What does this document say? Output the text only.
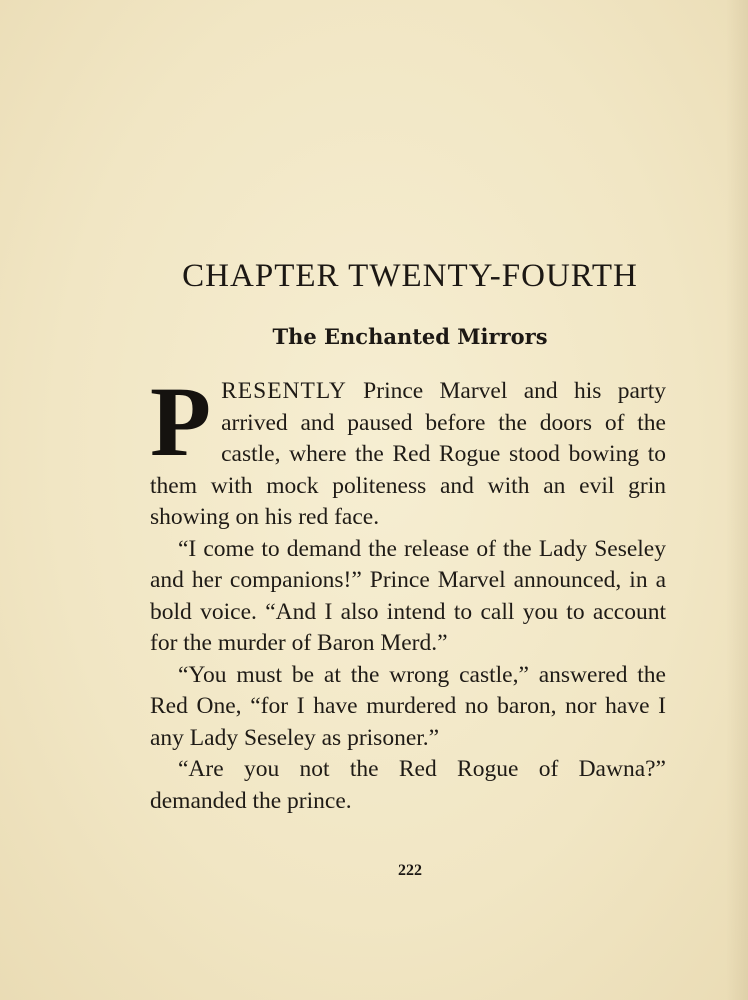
CHAPTER TWENTY-FOURTH
The Enchanted Mirrors

PRESENTLY Prince Marvel and his party arrived and paused before the doors of the castle, where the Red Rogue stood bowing to them with mock politeness and with an evil grin showing on his red face.

“I come to demand the release of the Lady Seseley and her companions!” Prince Marvel announced, in a bold voice. “And I also intend to call you to account for the murder of Baron Merd.”

“You must be at the wrong castle,” answered the Red One, “for I have murdered no baron, nor have I any Lady Seseley as prisoner.”

“Are you not the Red Rogue of Dawna?” demanded the prince.

222
